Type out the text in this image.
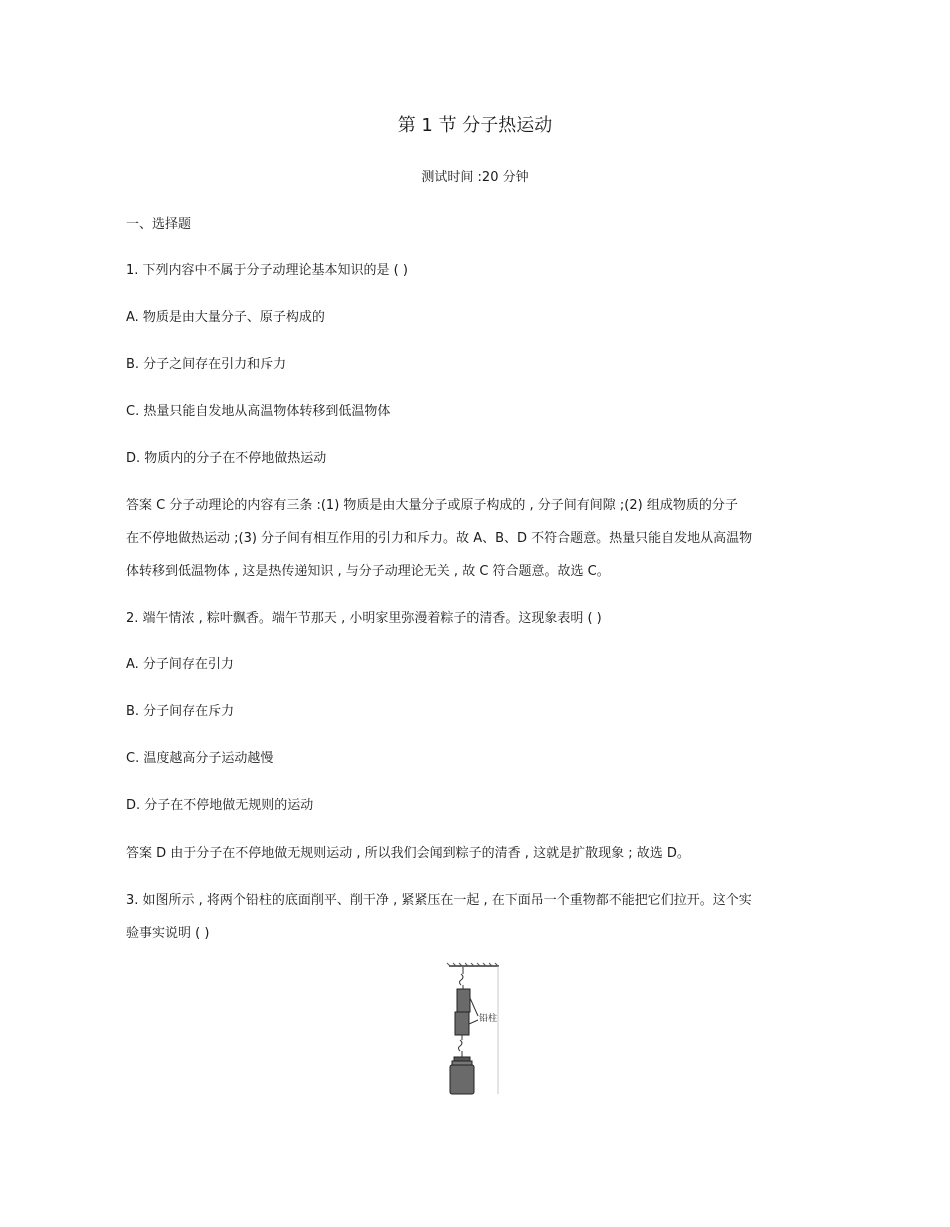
第 1 节 分子热运动
测试时间 :20 分钟
一、选择题
1. 下列内容中不属于分子动理论基本知识的是 ( )
A. 物质是由大量分子、原子构成的
B. 分子之间存在引力和斥力
C. 热量只能自发地从高温物体转移到低温物体
D. 物质内的分子在不停地做热运动
答案 C 分子动理论的内容有三条 :(1) 物质是由大量分子或原子构成的 , 分子间有间隙 ;(2) 组成物质的分子
在不停地做热运动 ;(3) 分子间有相互作用的引力和斥力。故 A、B、D 不符合题意。热量只能自发地从高温物
体转移到低温物体 , 这是热传递知识 , 与分子动理论无关 , 故 C 符合题意。故选 C。
2. 端午情浓 , 粽叶飘香。端午节那天 , 小明家里弥漫着粽子的清香。这现象表明 ( )
A. 分子间存在引力
B. 分子间存在斥力
C. 温度越高分子运动越慢
D. 分子在不停地做无规则的运动
答案 D 由于分子在不停地做无规则运动 , 所以我们会闻到粽子的清香 , 这就是扩散现象 ; 故选 D。
3. 如图所示 , 将两个铅柱的底面削平、削干净 , 紧紧压在一起 , 在下面吊一个重物都不能把它们拉开。这个实
验事实说明 ( )
铅柱
